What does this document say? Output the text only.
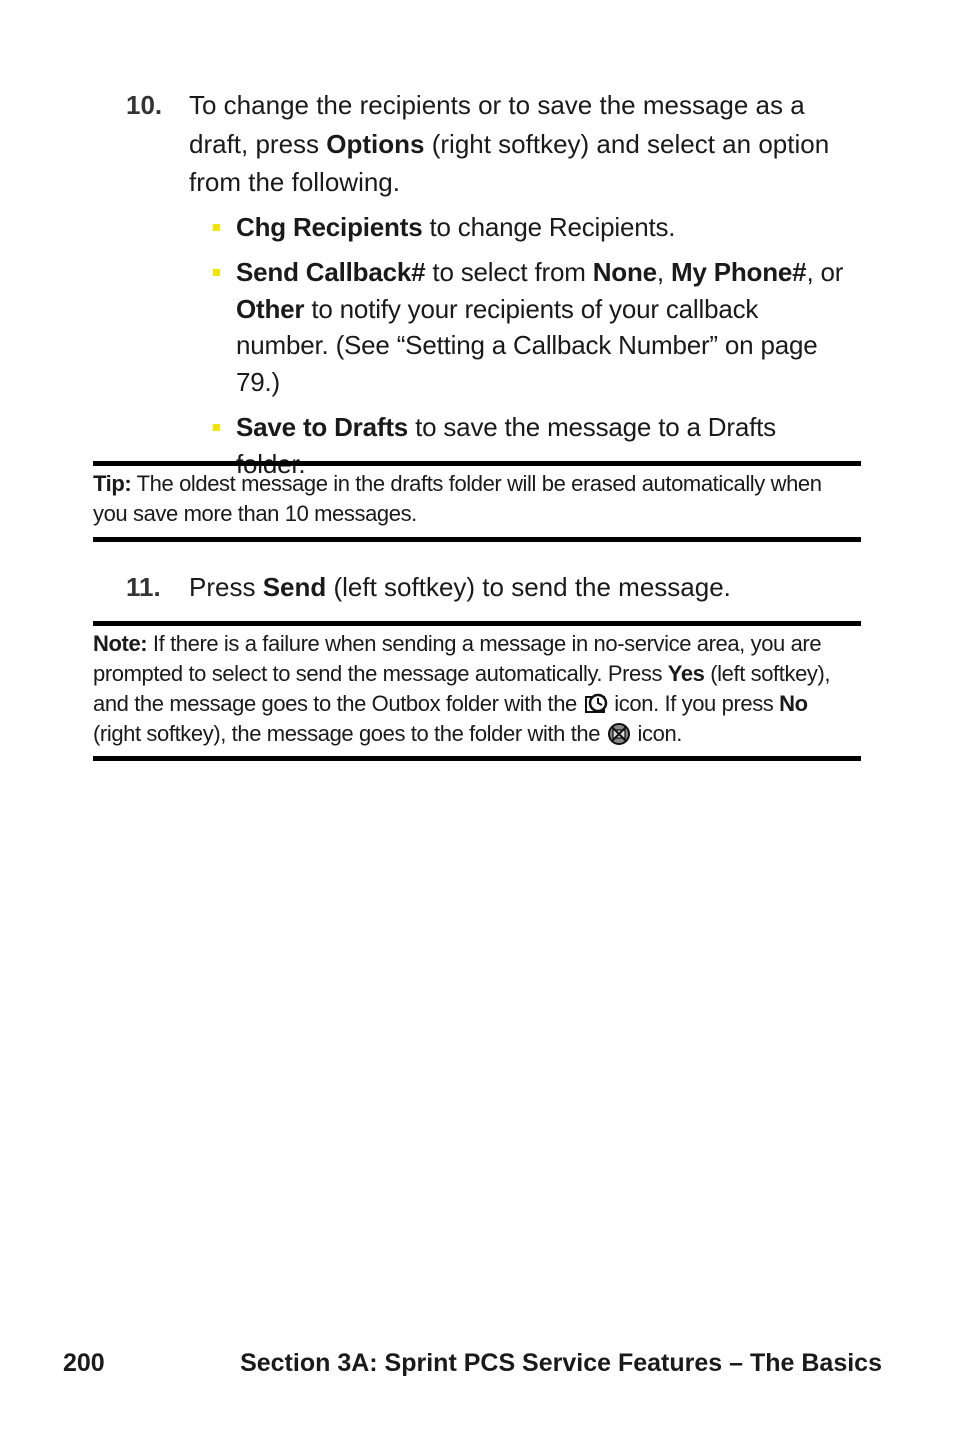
10. To change the recipients or to save the message as a draft, press Options (right softkey) and select an option from the following.
Chg Recipients to change Recipients.
Send Callback# to select from None, My Phone#, or Other to notify your recipients of your callback number. (See “Setting a Callback Number” on page 79.)
Save to Drafts to save the message to a Drafts folder.
Tip: The oldest message in the drafts folder will be erased automatically when you save more than 10 messages.
11. Press Send (left softkey) to send the message.
Note: If there is a failure when sending a message in no-service area, you are prompted to select to send the message automatically. Press Yes (left softkey), and the message goes to the Outbox folder with the  icon. If you press No (right softkey), the message goes to the folder with the  icon.
200	Section 3A: Sprint PCS Service Features – The Basics
